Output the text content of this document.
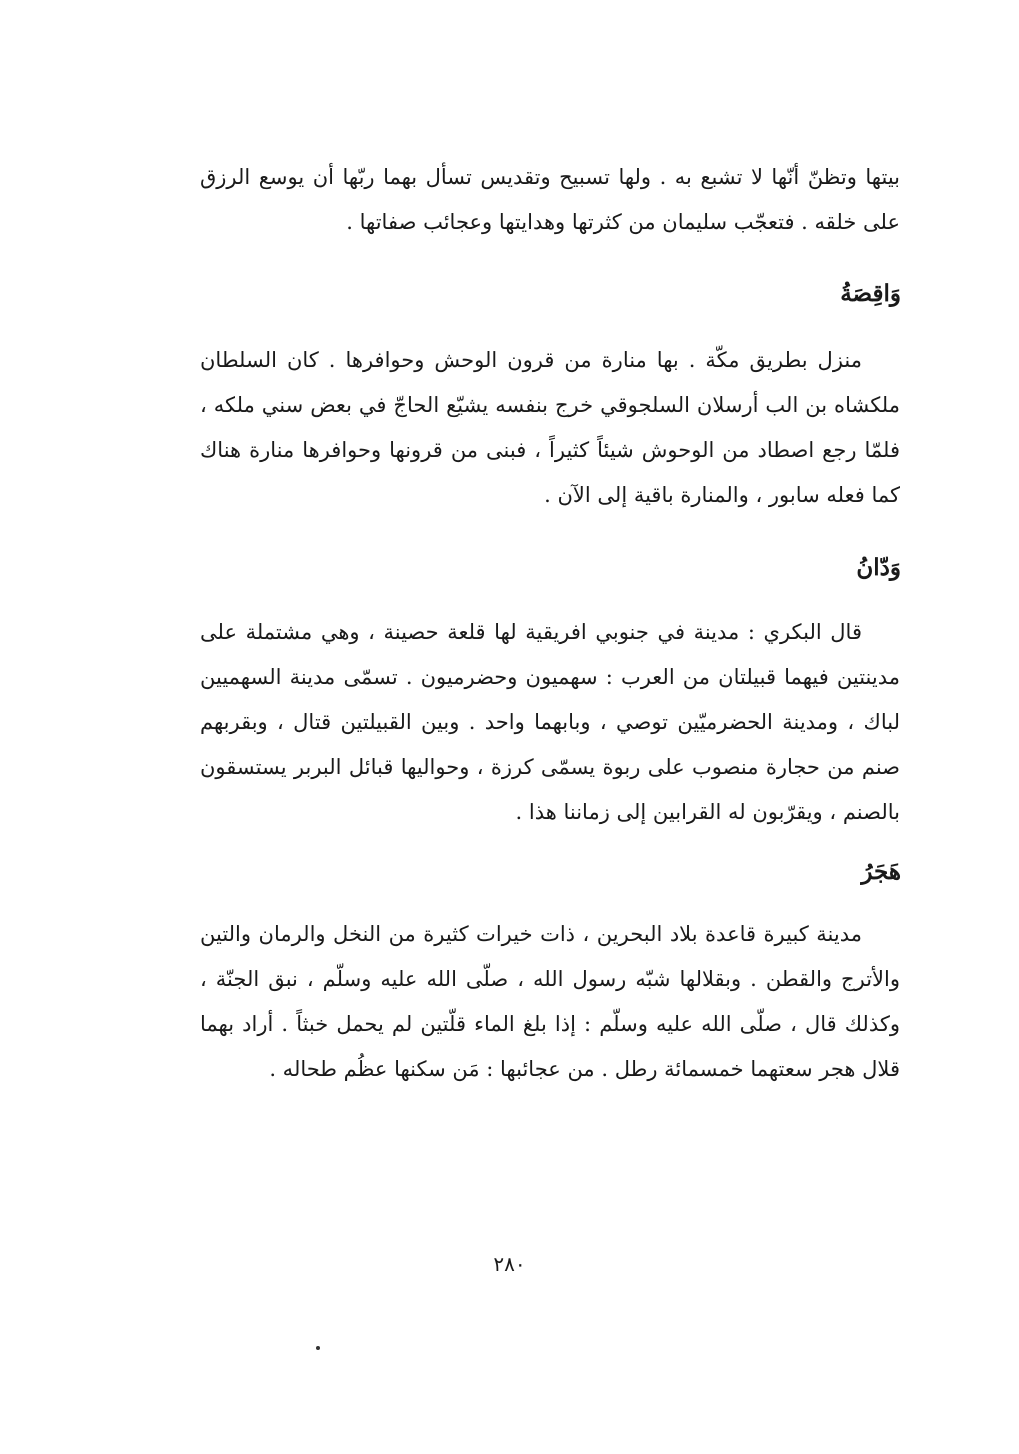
بيتها وتظنّ أنّها لا تشبع به . ولها تسبيح وتقديس تسأل بهما ربّها أن يوسع الرزق على خلقه . فتعجّب سليمان من كثرتها وهدايتها وعجائب صفاتها .

وَاقِصَةُ

منزل بطريق مكّة . بها منارة من قرون الوحش وحوافرها . كان السلطان ملكشاه بن الب أرسلان السلجوقي خرج بنفسه يشيّع الحاجّ في بعض سني ملكه ، فلمّا رجع اصطاد من الوحوش شيئاً كثيراً ، فبنى من قرونها وحوافرها منارة هناك كما فعله سابور ، والمنارة باقية إلى الآن .

وَدّانُ

قال البكري : مدينة في جنوبي افريقية لها قلعة حصينة ، وهي مشتملة على مدينتين فيهما قبيلتان من العرب : سهميون وحضرميون . تسمّى مدينة السهميين لباك ، ومدينة الحضرميّين توصي ، وبابهما واحد . وبين القبيلتين قتال ، وبقربهم صنم من حجارة منصوب على ربوة يسمّى كرزة ، وحواليها قبائل البربر يستسقون بالصنم ، ويقرّبون له القرابين إلى زماننا هذا .

هَجَرُ

مدينة كبيرة قاعدة بلاد البحرين ، ذات خيرات كثيرة من النخل والرمان والتين والأترج والقطن . وبقلالها شبّه رسول الله ، صلّى الله عليه وسلّم ، نبق الجنّة ، وكذلك قال ، صلّى الله عليه وسلّم : إذا بلغ الماء قلّتين لم يحمل خبثاً . أراد بهما قلال هجر سعتهما خمسمائة رطل . من عجائبها : مَن سكنها عظُم طحاله .

٢٨٠
